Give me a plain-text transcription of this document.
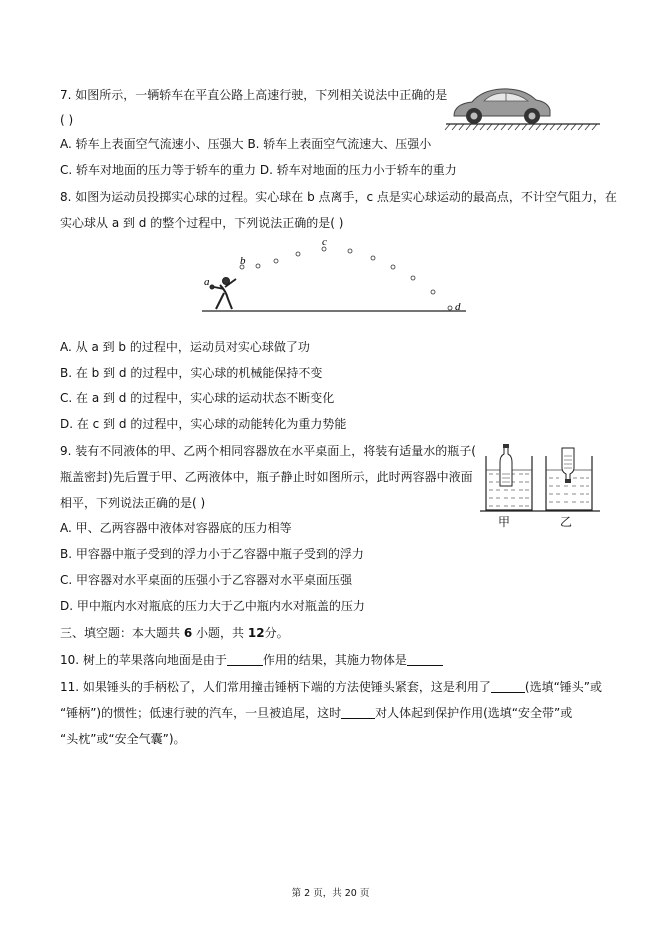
7. 如图所示，一辆轿车在平直公路上高速行驶，下列相关说法中正确的是
( )
A. 轿车上表面空气流速小、压强大 B. 轿车上表面空气流速大、压强小
C. 轿车对地面的压力等于轿车的重力 D. 轿车对地面的压力小于轿车的重力
8. 如图为运动员投掷实心球的过程。实心球在 b 点离手，c 点是实心球运动的最高点，不计空气阻力，在
实心球从 a 到 d 的整个过程中，下列说法正确的是( )
a
b
c
d
A. 从 a 到 b 的过程中，运动员对实心球做了功
B. 在 b 到 d 的过程中，实心球的机械能保持不变
C. 在 a 到 d 的过程中，实心球的运动状态不断变化
D. 在 c 到 d 的过程中，实心球的动能转化为重力势能
9. 装有不同液体的甲、乙两个相同容器放在水平桌面上，将装有适量水的瓶子(
瓶盖密封)先后置于甲、乙两液体中，瓶子静止时如图所示，此时两容器中液面
相平，下列说法正确的是( )
甲	乙
A. 甲、乙两容器中液体对容器底的压力相等
B. 甲容器中瓶子受到的浮力小于乙容器中瓶子受到的浮力
C. 甲容器对水平桌面的压强小于乙容器对水平桌面压强
D. 甲中瓶内水对瓶底的压力大于乙中瓶内水对瓶盖的压力
三、填空题：本大题共 6 小题，共 12分。
10. 树上的苹果落向地面是由于	作用的结果，其施力物体是
11. 如果锤头的手柄松了，人们常用撞击锤柄下端的方法使锤头紧套，这是利用了	(选填“锤头”或
“锤柄”)的惯性；低速行驶的汽车，一旦被追尾，这时	对人体起到保护作用(选填“安全带”或
“头枕”或“安全气囊”)。
第 2 页，共 20 页
